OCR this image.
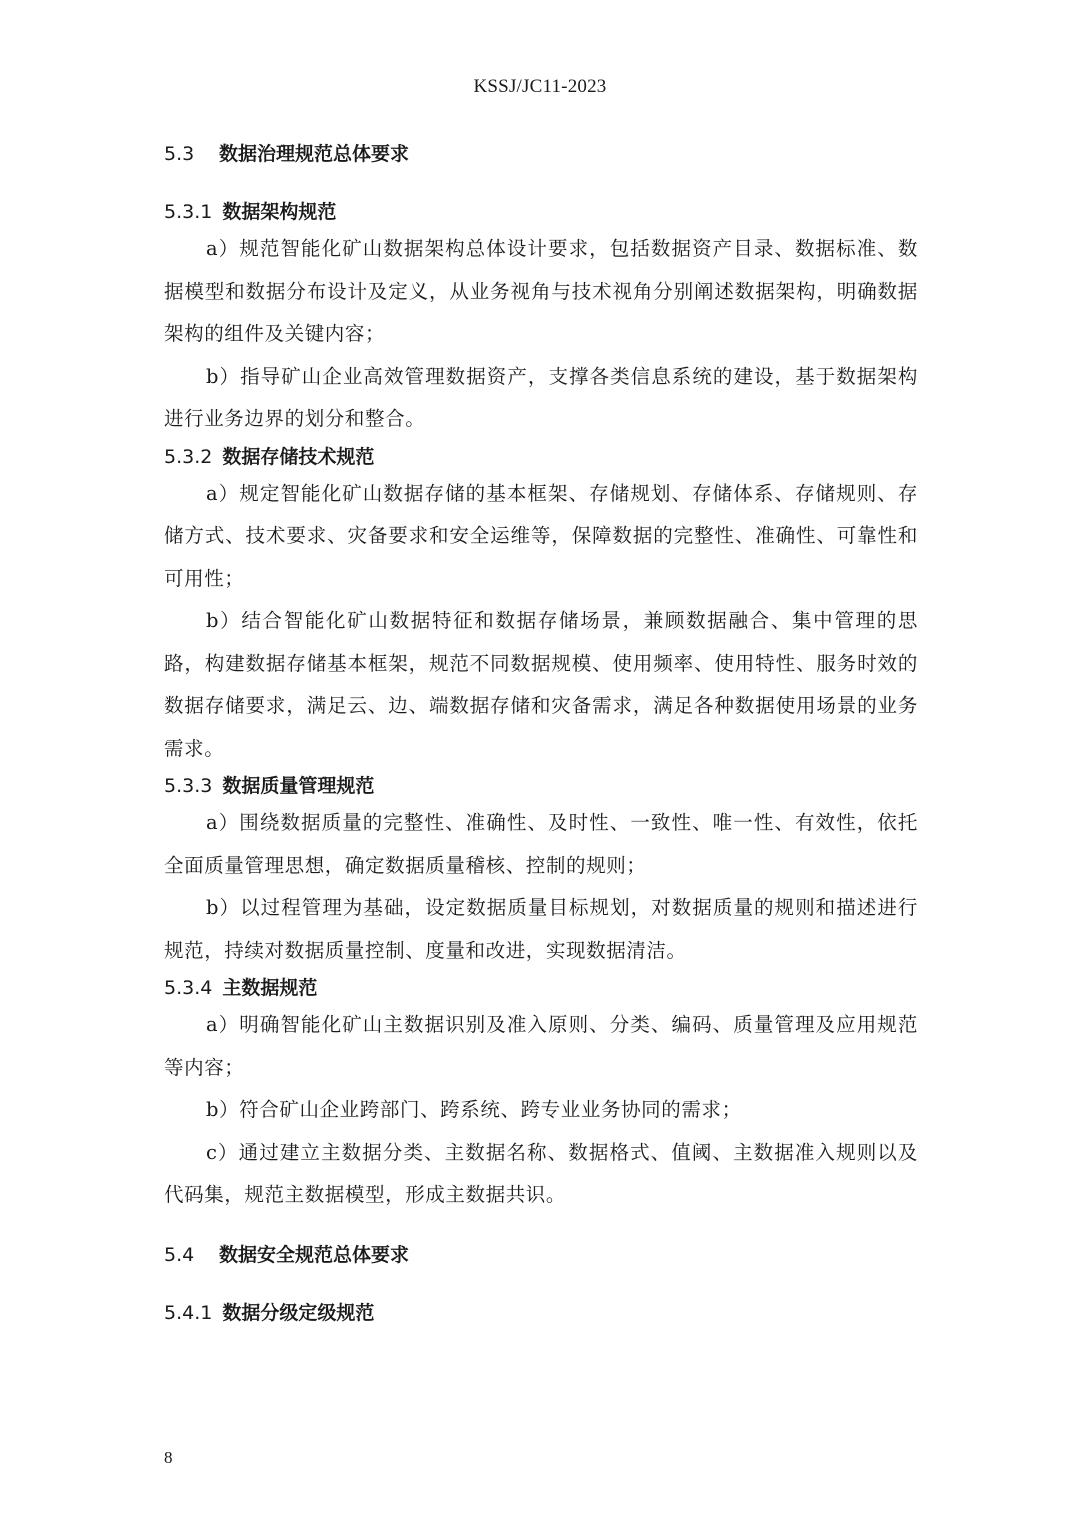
KSSJ/JC11-2023
5.3 数据治理规范总体要求
5.3.1 数据架构规范
a）规范智能化矿山数据架构总体设计要求，包括数据资产目录、数据标准、数据模型和数据分布设计及定义，从业务视角与技术视角分别阐述数据架构，明确数据架构的组件及关键内容；
b）指导矿山企业高效管理数据资产，支撑各类信息系统的建设，基于数据架构进行业务边界的划分和整合。
5.3.2 数据存储技术规范
a）规定智能化矿山数据存储的基本框架、存储规划、存储体系、存储规则、存储方式、技术要求、灾备要求和安全运维等，保障数据的完整性、准确性、可靠性和可用性；
b）结合智能化矿山数据特征和数据存储场景，兼顾数据融合、集中管理的思路，构建数据存储基本框架，规范不同数据规模、使用频率、使用特性、服务时效的数据存储要求，满足云、边、端数据存储和灾备需求，满足各种数据使用场景的业务需求。
5.3.3 数据质量管理规范
a）围绕数据质量的完整性、准确性、及时性、一致性、唯一性、有效性，依托全面质量管理思想，确定数据质量稽核、控制的规则；
b）以过程管理为基础，设定数据质量目标规划，对数据质量的规则和描述进行规范，持续对数据质量控制、度量和改进，实现数据清洁。
5.3.4 主数据规范
a）明确智能化矿山主数据识别及准入原则、分类、编码、质量管理及应用规范等内容；
b）符合矿山企业跨部门、跨系统、跨专业业务协同的需求；
c）通过建立主数据分类、主数据名称、数据格式、值阈、主数据准入规则以及代码集，规范主数据模型，形成主数据共识。
5.4 数据安全规范总体要求
5.4.1 数据分级定级规范
8
